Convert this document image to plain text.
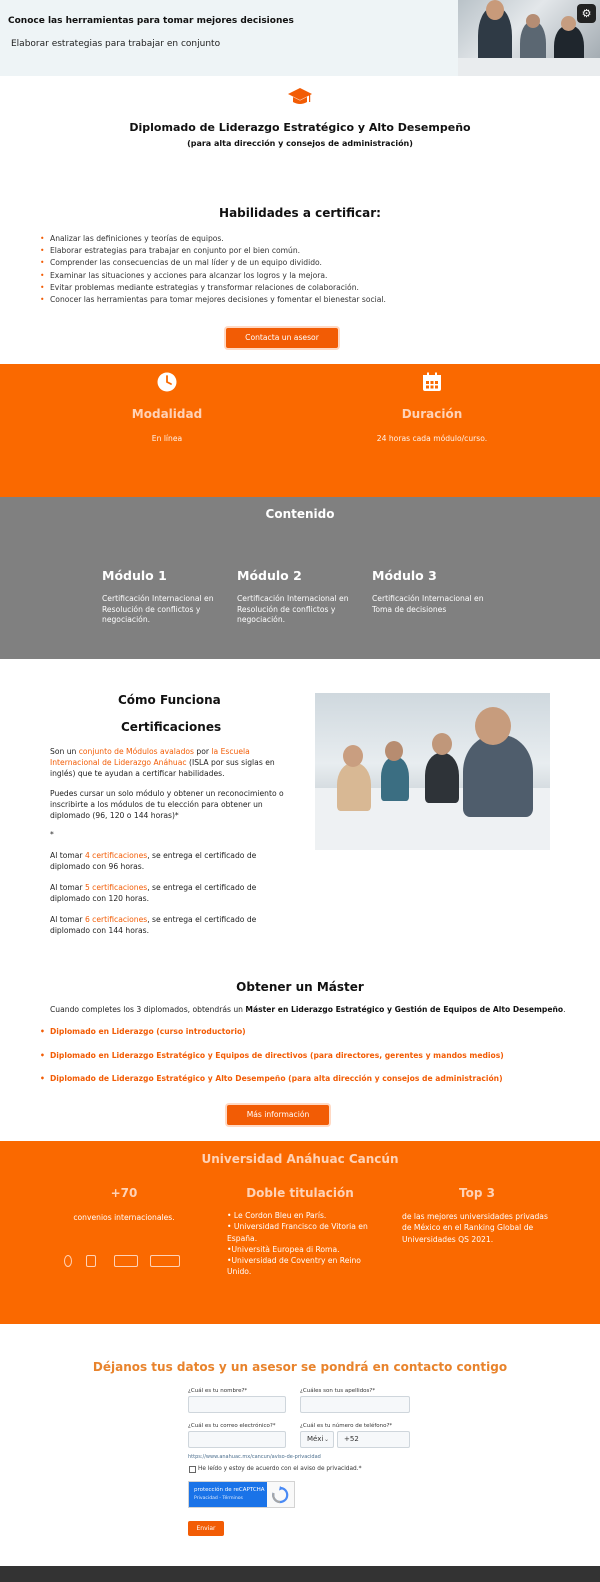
Conoce las herramientas para tomar mejores decisiones
Elaborar estrategias para trabajar en conjunto
⚙
Diplomado de Liderazgo Estratégico y Alto Desempeño
(para alta dirección y consejos de administración)
Habilidades a certificar:
• Analizar las definiciones y teorías de equipos.
• Elaborar estrategias para trabajar en conjunto por el bien común.
• Comprender las consecuencias de un mal líder y de un equipo dividido.
• Examinar las situaciones y acciones para alcanzar los logros y la mejora.
• Evitar problemas mediante estrategias y transformar relaciones de colaboración.
• Conocer las herramientas para tomar mejores decisiones y fomentar el bienestar social.
Contacta un asesor
Modalidad
En línea
Duración
24 horas cada módulo/curso.
Contenido
Módulo 1
Certificación Internacional en Resolución de conflictos y negociación.
Módulo 2
Certificación Internacional en Resolución de conflictos y negociación.
Módulo 3
Certificación Internacional en Toma de decisiones
Cómo Funciona
Certificaciones
Son un conjunto de Módulos avalados por la Escuela Internacional de Liderazgo Anáhuac (ISLA por sus siglas en inglés) que te ayudan a certificar habilidades.
Puedes cursar un solo módulo y obtener un reconocimiento o inscribirte a los módulos de tu elección para obtener un diplomado (96, 120 o 144 horas)*
*
Al tomar 4 certificaciones, se entrega el certificado de diplomado con 96 horas.
Al tomar 5 certificaciones, se entrega el certificado de diplomado con 120 horas.
Al tomar 6 certificaciones, se entrega el certificado de diplomado con 144 horas.
Obtener un Máster
Cuando completes los 3 diplomados, obtendrás un Máster en Liderazgo Estratégico y Gestión de Equipos de Alto Desempeño.
• Diplomado en Liderazgo (curso introductorio)
• Diplomado en Liderazgo Estratégico y Equipos de directivos (para directores, gerentes y mandos medios)
• Diplomado de Liderazgo Estratégico y Alto Desempeño (para alta dirección y consejos de administración)
Más información
Universidad Anáhuac Cancún
+70
convenios internacionales.
Doble titulación
• Le Cordon Bleu en París.
• Universidad Francisco de Vitoria en España.
•Università Europea di Roma.
•Universidad de Coventry en Reino Unido.
Top 3
de las mejores universidades privadas de México en el Ranking Global de Universidades QS 2021.
Déjanos tus datos y un asesor se pondrá en contacto contigo
¿Cuál es tu nombre?*	¿Cuáles son tus apellidos?*
¿Cuál es tu correo electrónico?*	¿Cuál es tu número de teléfono?*
Méxi ⌄	+52
https://www.anahuac.mx/cancun/aviso-de-privacidad
He leído y estoy de acuerdo con el aviso de privacidad.*
protección de reCAPTCHA
Privacidad - Términos
Enviar
